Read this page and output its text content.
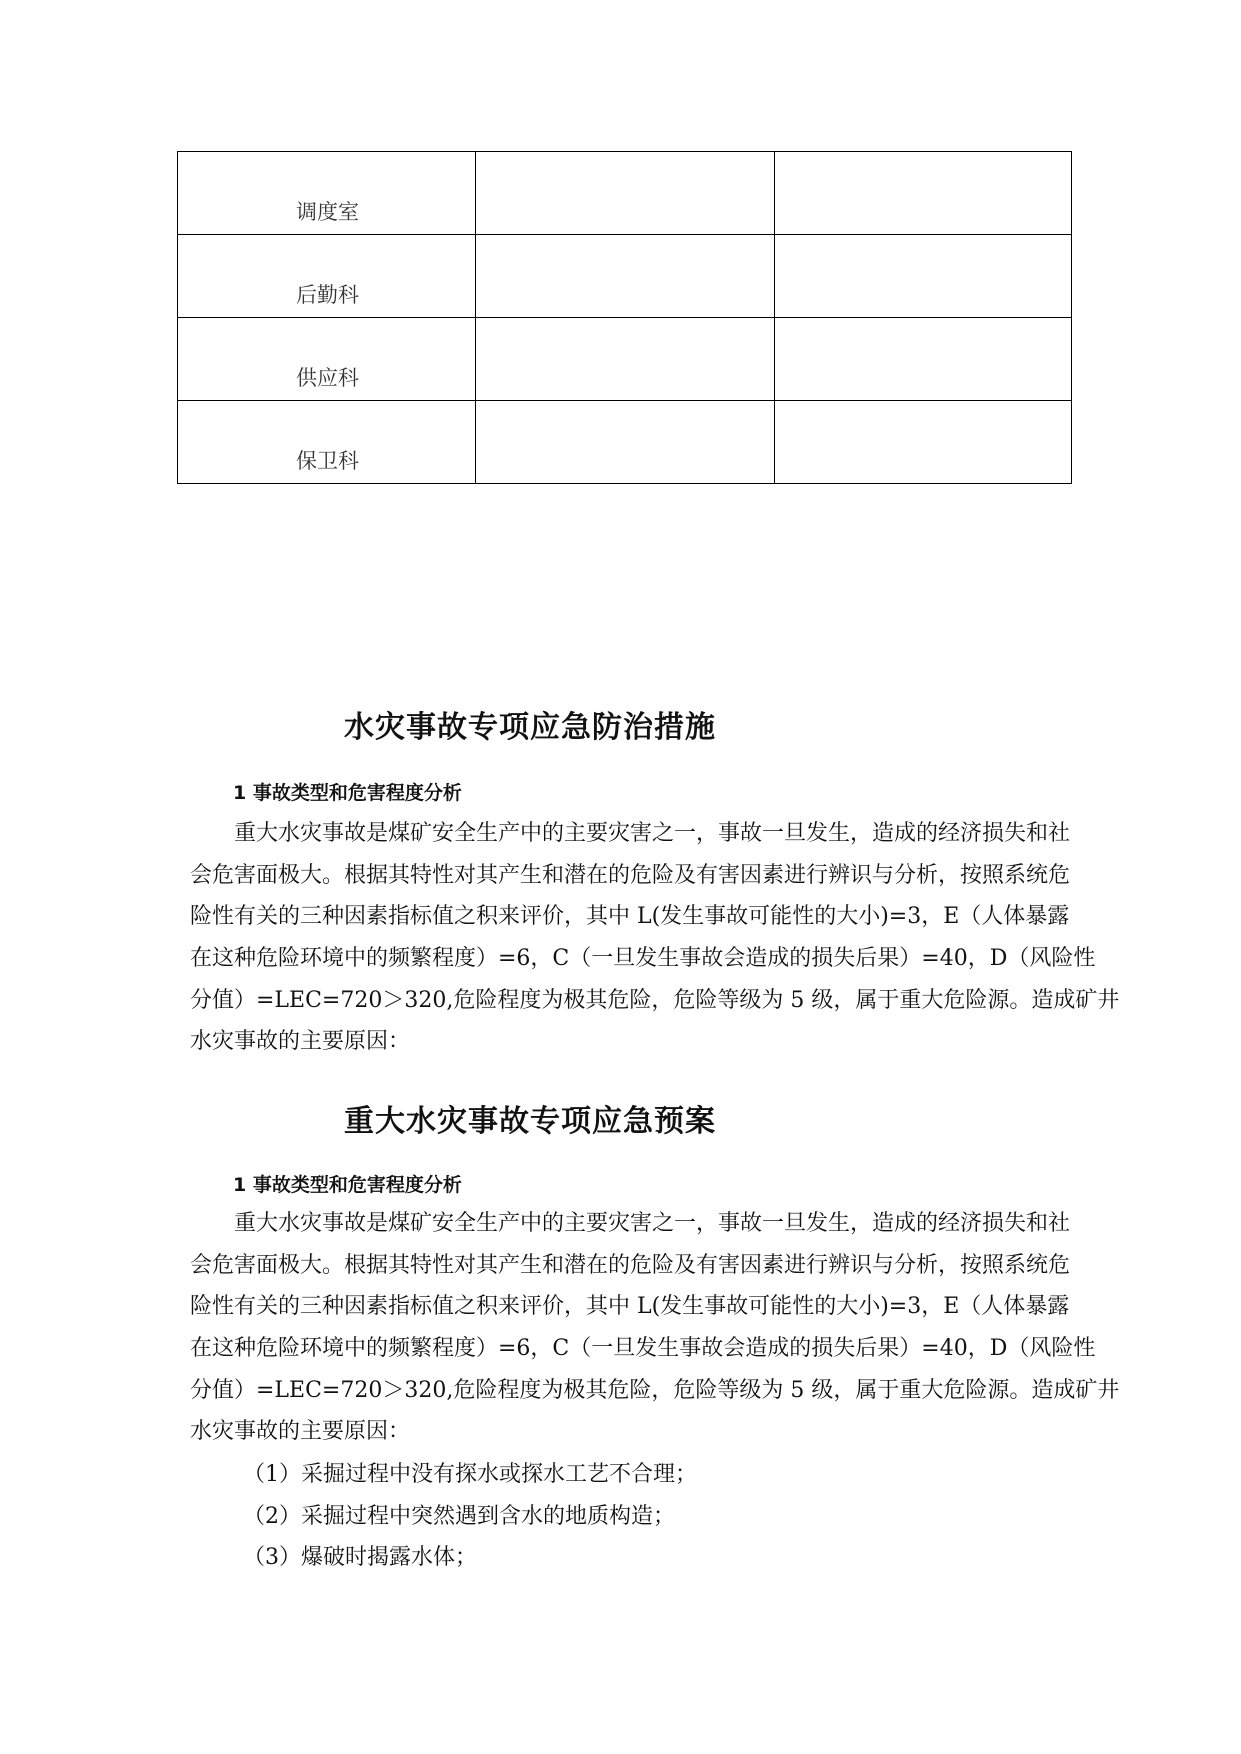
调度室		

后勤科		

供应科		

保卫科		

水灾事故专项应急防治措施
1 事故类型和危害程度分析
重大水灾事故是煤矿安全生产中的主要灾害之一，事故一旦发生，造成的经济损失和社
会危害面极大。根据其特性对其产生和潜在的危险及有害因素进行辨识与分析，按照系统危
险性有关的三种因素指标值之积来评价，其中 L(发生事故可能性的大小)=3，E（人体暴露
在这种危险环境中的频繁程度）=6，C（一旦发生事故会造成的损失后果）=40，D（风险性
分值）=LEC=720＞320,危险程度为极其危险，危险等级为 5 级，属于重大危险源。造成矿井
水灾事故的主要原因：
重大水灾事故专项应急预案
1 事故类型和危害程度分析
重大水灾事故是煤矿安全生产中的主要灾害之一，事故一旦发生，造成的经济损失和社
会危害面极大。根据其特性对其产生和潜在的危险及有害因素进行辨识与分析，按照系统危
险性有关的三种因素指标值之积来评价，其中 L(发生事故可能性的大小)=3，E（人体暴露
在这种危险环境中的频繁程度）=6，C（一旦发生事故会造成的损失后果）=40，D（风险性
分值）=LEC=720＞320,危险程度为极其危险，危险等级为 5 级，属于重大危险源。造成矿井
水灾事故的主要原因：
（1）采掘过程中没有探水或探水工艺不合理；
（2）采掘过程中突然遇到含水的地质构造；
（3）爆破时揭露水体；
